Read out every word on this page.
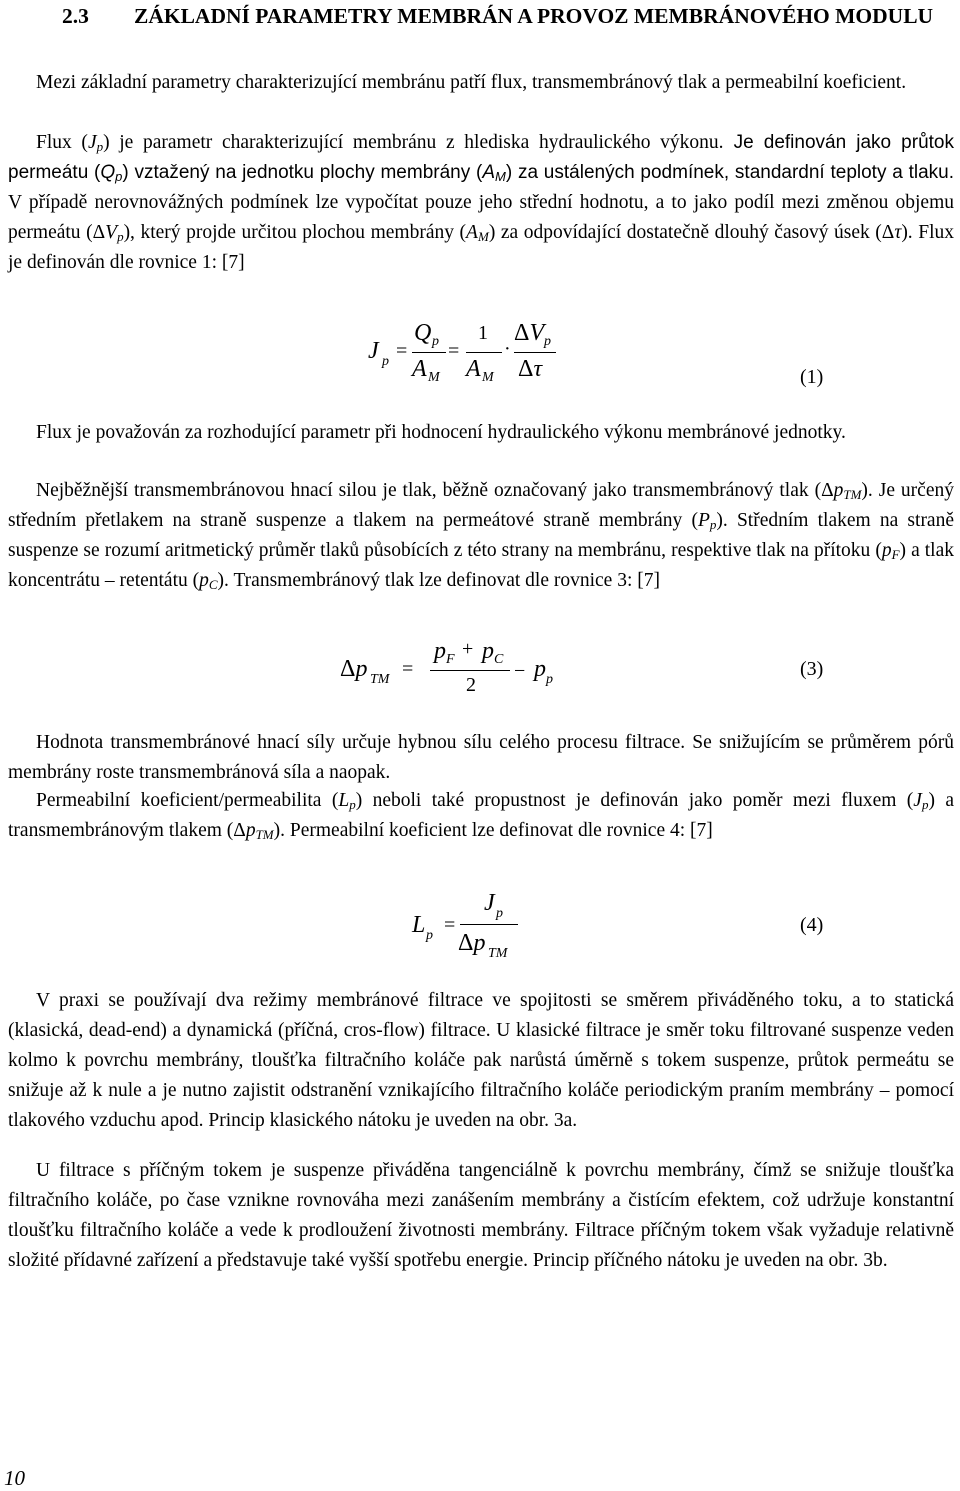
2.3 ZÁKLADNÍ PARAMETRY MEMBRÁN A PROVOZ MEMBRÁNOVÉHO MODULU

Mezi základní parametry charakterizující membránu patří flux, transmembránový tlak a permeabilní koeficient.

Flux $(J_p)$ je parametr charakterizující membránu z hlediska hydraulického výkonu. Je definován jako průtok permeátu $(Q_p)$ vztažený na jednotku plochy membrány $(A_M)$ za ustálených podmínek, standardní teploty a tlaku. V případě nerovnovážných podmínek lze vypočítat pouze jeho střední hodnotu, a to jako podíl mezi změnou objemu permeátu $(\Delta V_p)$, který projde určitou plochou membrány $(A_M)$ za odpovídající dostatečně dlouhý časový úsek (Δτ). Flux je definován dle rovnice 1: [7]

J p =
Q p
A M
=
1
A M
·
ΔV p
Δτ	(1)

Flux je považován za rozhodující parametr při hodnocení hydraulického výkonu membránové jednotky.

Nejběžnější transmembránovou hnací silou je tlak, běžně označovaný jako transmembránový tlak $(\Delta p_{TM})$. Je určený středním přetlakem na straně suspenze a tlakem na permeátové straně membrány $(P_p)$. Středním tlakem na straně suspenze se rozumí aritmetický průměr tlaků působících z této strany na membránu, respektive tlak na přítoku $(p_F)$ a tlak koncentrátu – retentátu $(p_C)$. Transmembránový tlak lze definovat dle rovnice 3: [7]

Δp TM =
p F + p C
2
− p p	(3)

Hodnota transmembránové hnací síly určuje hybnou sílu celého procesu filtrace. Se snižujícím se průměrem pórů membrány roste transmembránová síla a naopak.

Permeabilní koeficient/permeabilita $(L_p)$ neboli také propustnost je definován jako poměr mezi fluxem $(J_p)$ a transmembránovým tlakem $(\Delta p_{TM})$. Permeabilní koeficient lze definovat dle rovnice 4: [7]

L p =
J p
Δp TM
(4)

V praxi se používají dva režimy membránové filtrace ve spojitosti se směrem přiváděného toku, a to statická (klasická, dead-end) a dynamická (příčná, cros-flow) filtrace. U klasické filtrace je směr toku filtrované suspenze veden kolmo k povrchu membrány, tloušťka filtračního koláče pak narůstá úměrně s tokem suspenze, průtok permeátu se snižuje až k nule a je nutno zajistit odstranění vznikajícího filtračního koláče periodickým praním membrány – pomocí tlakového vzduchu apod. Princip klasického nátoku je uveden na obr. 3a.

U filtrace s příčným tokem je suspenze přiváděna tangenciálně k povrchu membrány, čímž se snižuje tloušťka filtračního koláče, po čase vznikne rovnováha mezi zanášením membrány a čistícím efektem, což udržuje konstantní tloušťku filtračního koláče a vede k prodloužení životnosti membrány. Filtrace příčným tokem však vyžaduje relativně složité přídavné zařízení a představuje také vyšší spotřebu energie. Princip příčného nátoku je uveden na obr. 3b.

10
